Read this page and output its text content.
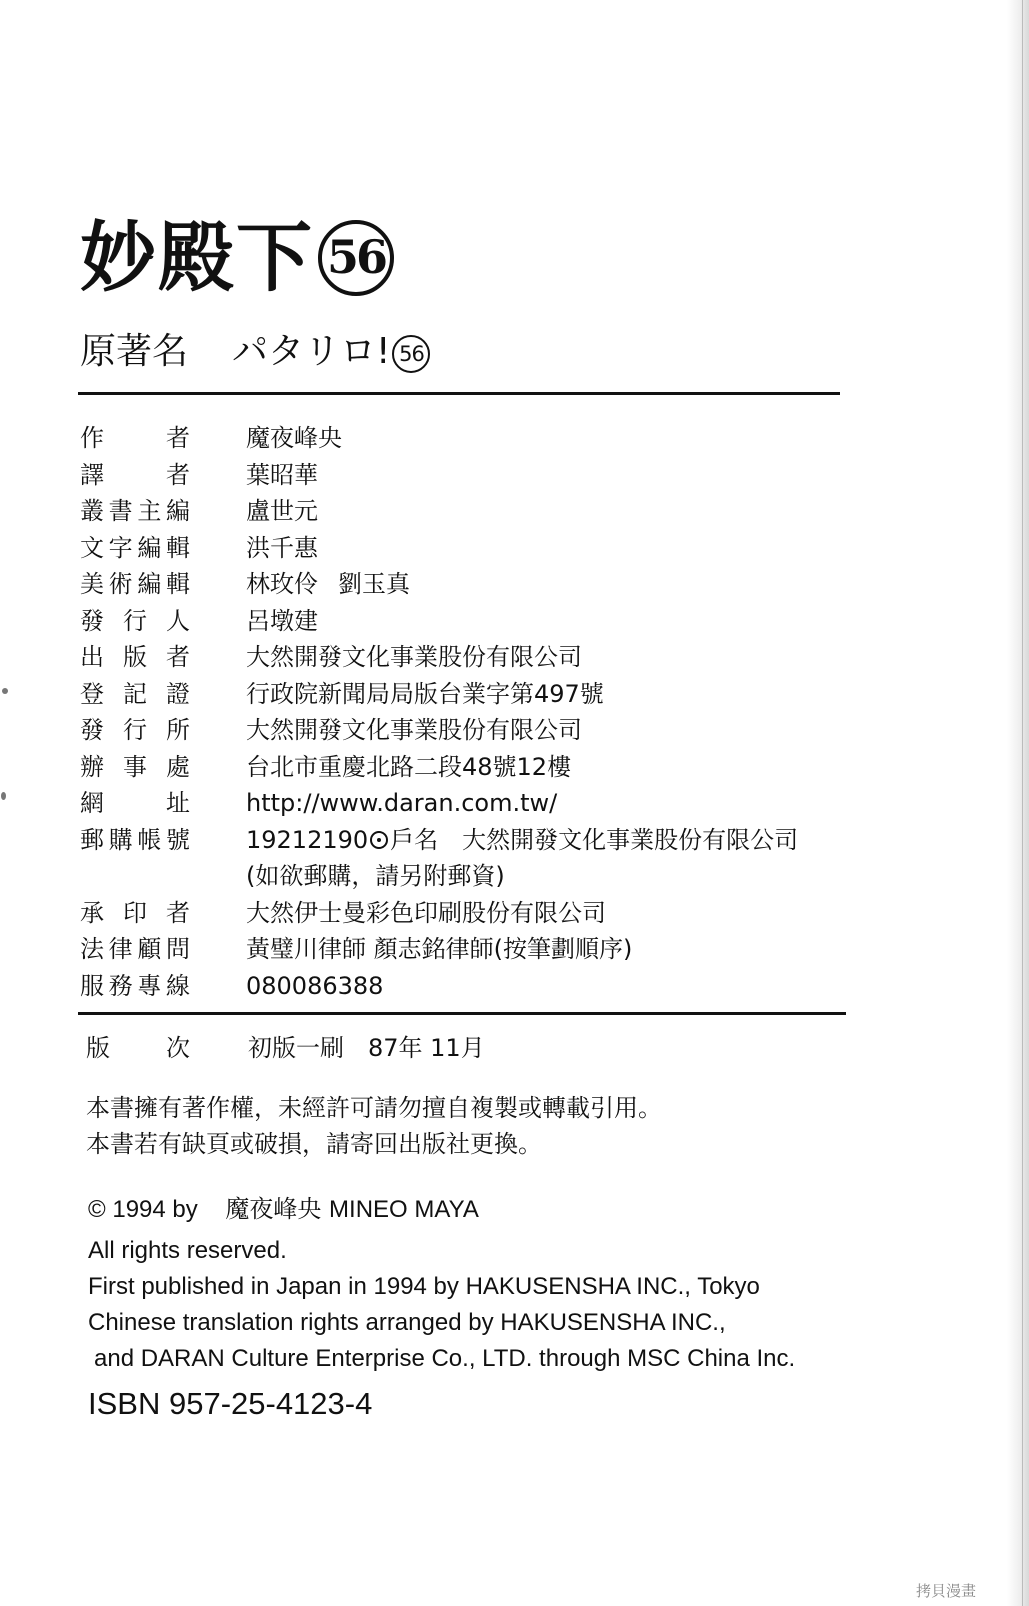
妙殿下 56
原著名 パタリロ! 56
作者 魔夜峰央
譯者 葉昭華
叢書主編 盧世元
文字編輯 洪千惠
美術編輯 林玫伶 劉玉真
發行人 呂墩建
出版者 大然開發文化事業股份有限公司
登記證 行政院新聞局局版台業字第497號
發行所 大然開發文化事業股份有限公司
辦事處 台北市重慶北路二段48號12樓
網址 http://www.daran.com.tw/
郵購帳號 19212190 戶名　大然開發文化事業股份有限公司
(如欲郵購，請另附郵資)
承印者 大然伊士曼彩色印刷股份有限公司
法律顧問 黃璧川律師 顏志銘律師(按筆劃順序)
服務專線 080086388
版次 初版一刷　87年 11月
本書擁有著作權，未經許可請勿擅自複製或轉載引用。
本書若有缺頁或破損，請寄回出版社更換。
© 1994 by 魔夜峰央 MINEO MAYA
All rights reserved.
First published in Japan in 1994 by HAKUSENSHA INC., Tokyo
Chinese translation rights arranged by HAKUSENSHA INC.,
and DARAN Culture Enterprise Co., LTD. through MSC China Inc.
ISBN 957-25-4123-4
拷貝漫畫
